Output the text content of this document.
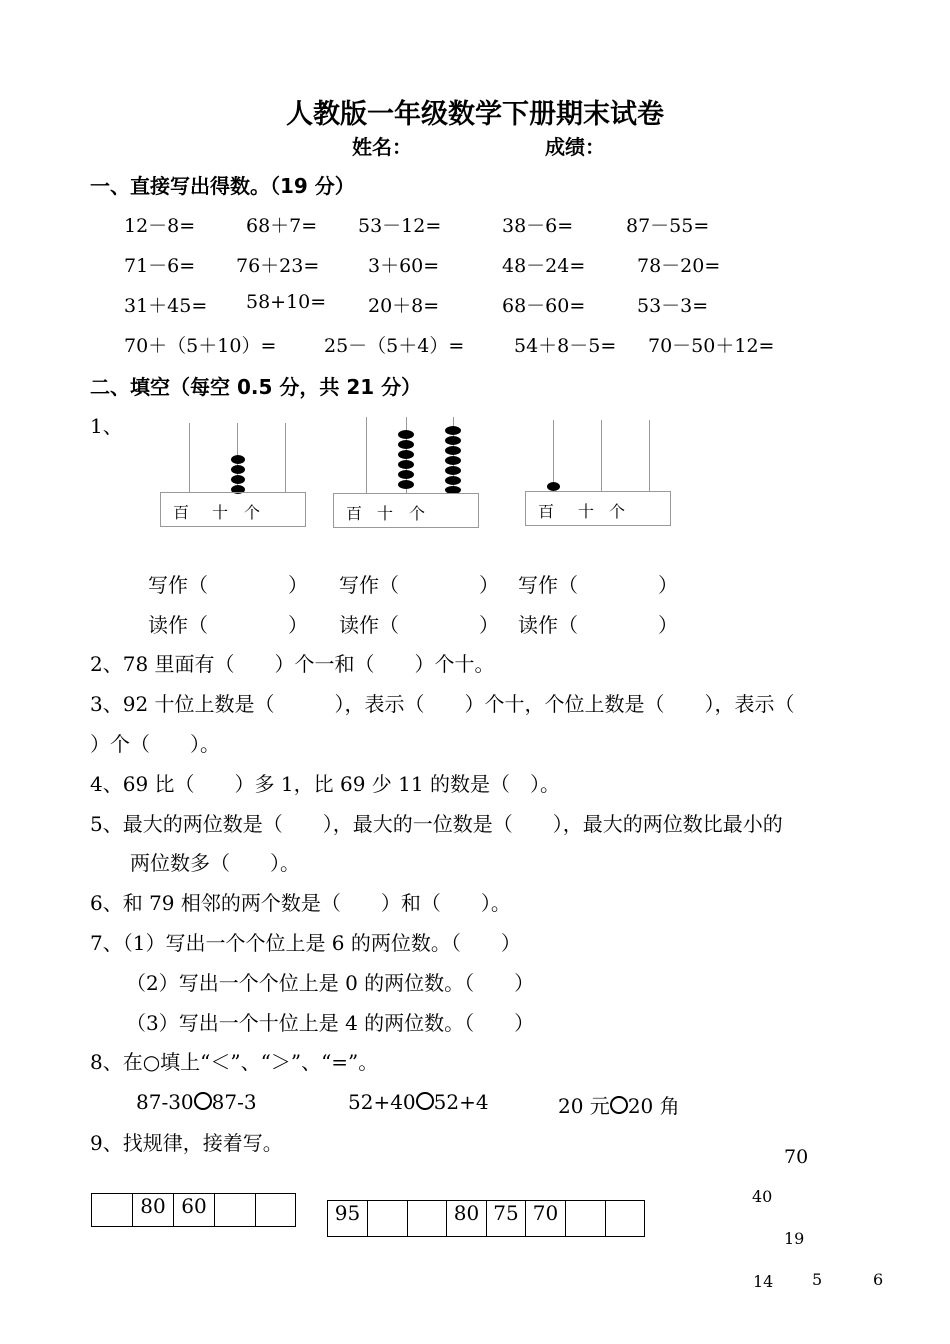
人教版一年级数学下册期末试卷
姓名：	成绩：
一、直接写出得数。（19 分）
12－8=	68＋7= 53－12=	38－6=	87－55=
71－6= 76＋23=	3＋60=	48－24=	78－20=
31＋45= 58+10= 20＋8=	68－60=	53－3=
70＋（5＋10）=	25－（5＋4）=	54＋8－5= 70－50＋12=
二、填空（每空 0.5 分，共 21 分）
1、
百 十 个	百 十 个	百 十 个
写作（　　　　） 写作（　　　　） 写作（　　　　）
读作（　　　　） 读作（　　　　） 读作（　　　　）
2、78 里面有（　　）个一和（　　）个十。
3、92 十位上数是（　　　），表示（　　）个十，个位上数是（　　），表示（
）个（　　）。
4、69 比（　　）多 1，比 69 少 11 的数是（　）。
5、最大的两位数是（　　），最大的一位数是（　　），最大的两位数比最小的
两位数多（　　）。
6、和 79 相邻的两个数是（　　）和（　　）。
7、（1）写出一个个位上是 6 的两位数。（　　）
（2）写出一个个位上是 0 的两位数。（　　）
（3）写出一个十位上是 4 的两位数。（　　）
8、在○填上“＜”、“＞”、“=”。
87-30 87-3	52+40 52+4	20 元 20 角
9、找规律，接着写。
80 60	95	80 75 70
70
40
19
14 5	6
